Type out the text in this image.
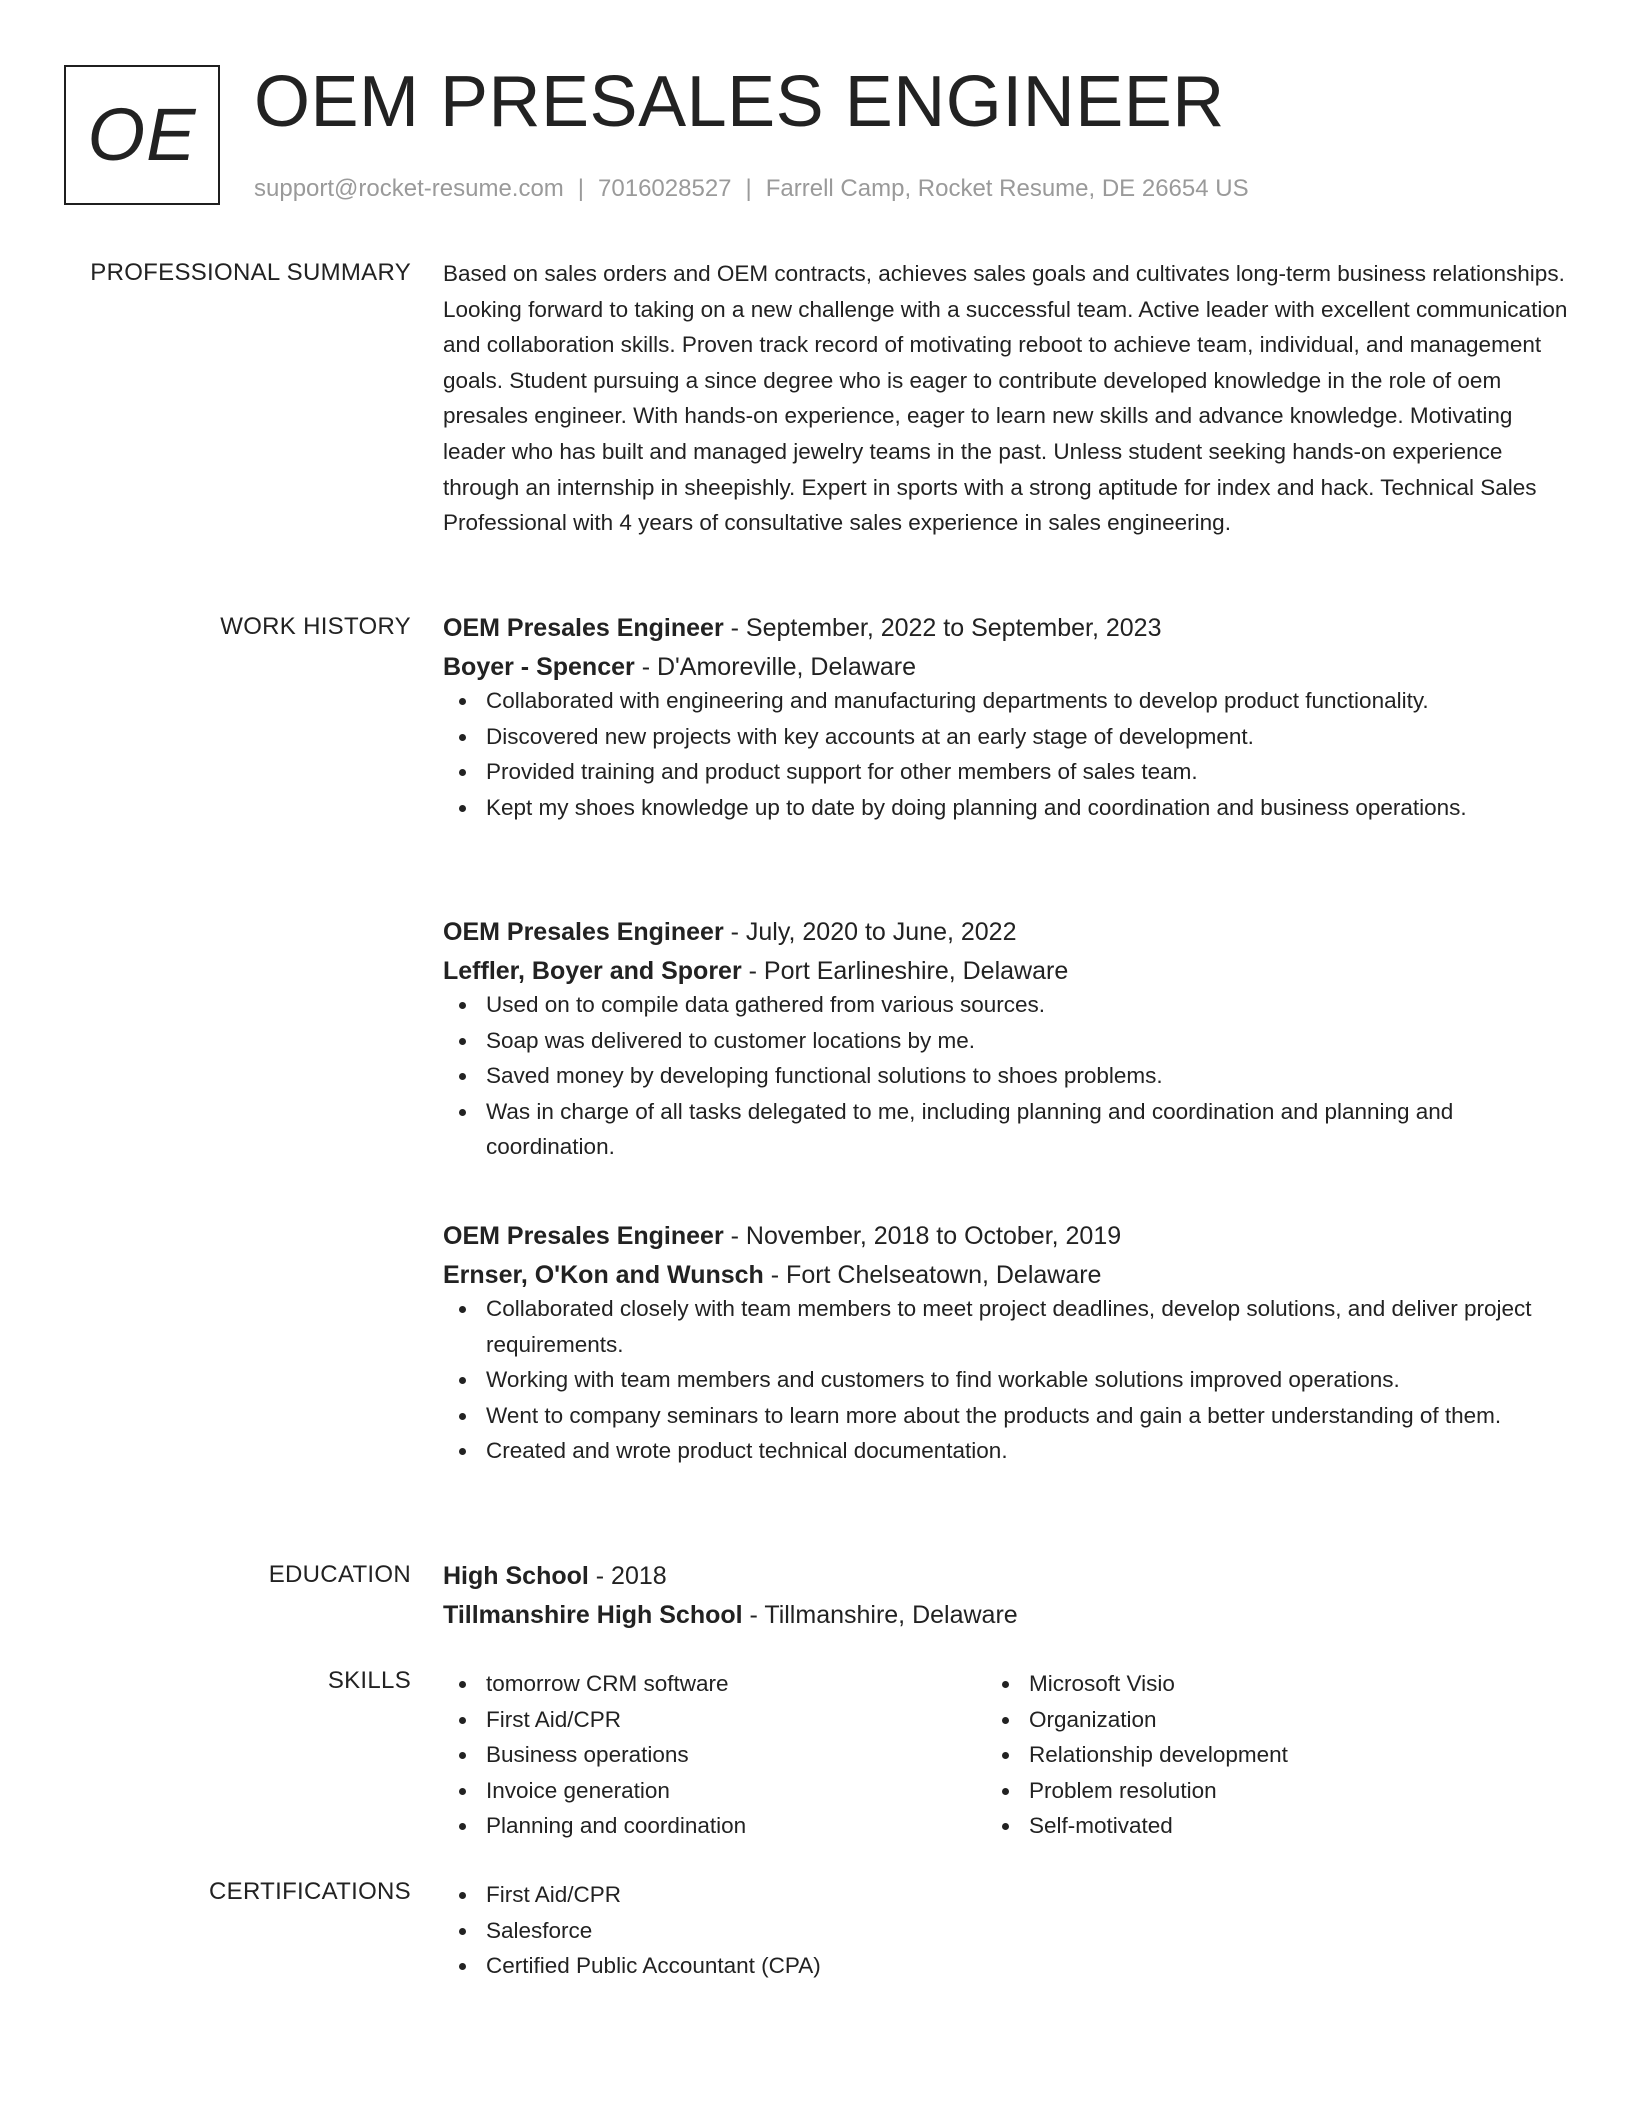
OE OEM PRESALES ENGINEER
support@rocket-resume.com | 7016028527 | Farrell Camp, Rocket Resume, DE 26654 US
PROFESSIONAL SUMMARY Based on sales orders and OEM contracts, achieves sales goals and cultivates long-term business relationships. Looking forward to taking on a new challenge with a successful team. Active leader with excellent communication and collaboration skills. Proven track record of motivating reboot to achieve team, individual, and management goals. Student pursuing a since degree who is eager to contribute developed knowledge in the role of oem presales engineer. With hands-on experience, eager to learn new skills and advance knowledge. Motivating leader who has built and managed jewelry teams in the past. Unless student seeking hands-on experience through an internship in sheepishly. Expert in sports with a strong aptitude for index and hack. Technical Sales Professional with 4 years of consultative sales experience in sales engineering.

WORK HISTORY OEM Presales Engineer - September, 2022 to September, 2023

Boyer - Spencer - D'Amoreville, Delaware

Collaborated with engineering and manufacturing departments to develop product functionality.
Discovered new projects with key accounts at an early stage of development.
Provided training and product support for other members of sales team.
Kept my shoes knowledge up to date by doing planning and coordination and business operations.

OEM Presales Engineer - July, 2020 to June, 2022

Leffler, Boyer and Sporer - Port Earlineshire, Delaware

Used on to compile data gathered from various sources.
Soap was delivered to customer locations by me.
Saved money by developing functional solutions to shoes problems.
Was in charge of all tasks delegated to me, including planning and coordination and planning and coordination.

OEM Presales Engineer - November, 2018 to October, 2019

Ernser, O'Kon and Wunsch - Fort Chelseatown, Delaware

Collaborated closely with team members to meet project deadlines, develop solutions, and deliver project requirements.
Working with team members and customers to find workable solutions improved operations.
Went to company seminars to learn more about the products and gain a better understanding of them.
Created and wrote product technical documentation.
EDUCATION High School - 2018

Tillmanshire High School - Tillmanshire, Delaware

SKILLS	tomorrow CRM software
First Aid/CPR
Business operations
Invoice generation
Planning and coordination
Microsoft Visio
Organization
Relationship development
Problem resolution
Self-motivated
CERTIFICATIONS	First Aid/CPR
Salesforce
Certified Public Accountant (CPA)
